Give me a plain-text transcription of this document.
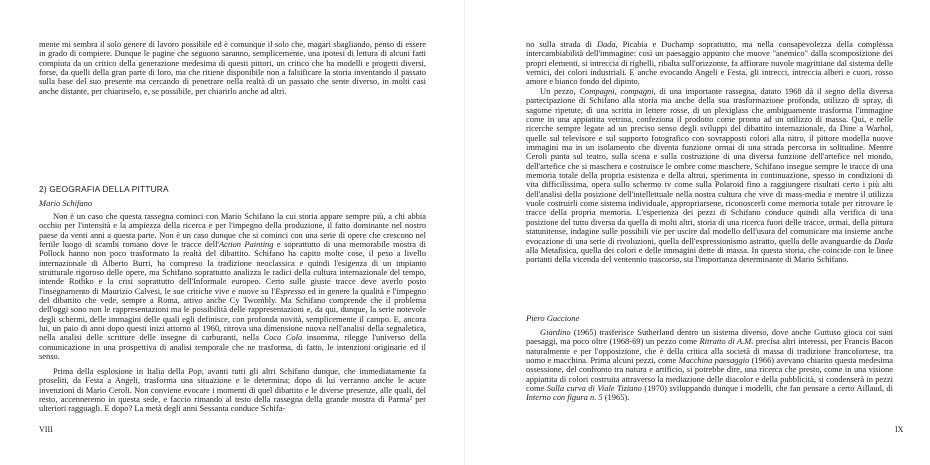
mente mi sembra il solo genere di lavoro possibile ed è comunque il solo che, magari sbagliando, penso di essere in grado di compiere. Dunque le pagine che seguono saranno, semplicemente, una ipotesi di lettura di alcuni fatti compiuta da un critico della generazione medesima di questi pittori, un critico che ha modelli e progetti diversi, forse, da quelli della gran parte di loro, ma che ritiene disponibile non a falsificare la storia inventando il passato sulla base del suo presente ma cercando di penetrare nella realtà di un passato che sente diverso, in molti casi anche distante, per chiarirselo, e, se possibile, per chiarirlo anche ad altri.

2) GEOGRAFIA DELLA PITTURA

Mario Schifano

Non è un caso che questa rassegna cominci con Mario Schifano la cui storia appare sempre più, a chi abbia occhio per l'intensità e la ampiezza della ricerca e per l'impegno della produzione, il fatto dominante nel nostro paese da venti anni a questa parte. Non è un caso dunque che si cominci con una serie di opere che crescono nel fertile luogo di scambi romano dove le tracce dell'Action Painting e soprattutto di una memorabile mostra di Pollock hanno non poco trasformato la realtà del dibattito. Schifano ha capito molte cose, il peso a livello internazionale di Alberto Burri, ha compreso la tradizione neoclassica e quindi l'esigenza di un impianto strutturale rigoroso delle opere, ma Schifano soprattutto analizza le radici della cultura internazionale del tempo, intende Rothko e la crisi soprattutto dell'Informale europeo. Certo sulle giuste tracce deve averlo posto l'insegnamento di Maurizio Calvesi, le sue critiche vive e nuove su l'Espresso ed in genere la qualità e l'impegno del dibattito che vede, sempre a Roma, attivo anche Cy Twombly. Ma Schifano comprende che il problema dell'oggi sono non le rappresentazioni ma le possibilità delle rappresentazioni e, da qui, dunque, la serie notevole degli schermi, delle immagini delle quali egli definisce, con profonda novità, semplicemente il campo. E, ancora lui, un paio di anni dopo questi inizi attorno al 1960, ritrova una dimensione nuova nell'analisi della segnaletica, nella analisi delle scritture delle insegne di carburanti, nella Coca Cola insomma, rilegge l'universo della comunicazione in una prospettiva di analisi temporale che ne trasforma, di fatto, le intenzioni originarie ed il senso.

Prima della esplosione in Italia della Pop, avanti tutti gli altri Schifano dunque, che immediatamente fa proseliti, da Festa a Angeli, trasforma una situazione e le determina; dopo di lui verranno anche le acute invenzioni di Mario Ceroli. Non conviene evocare i momenti di quel dibattito e le diverse presenze, alle quali, del resto, accenneremo in questa sede, e faccio rimando al testo della rassegna della grande mostra di Parma² per ulteriori ragguagli. E dopo? La metà degli anni Sessanta conduce Schifa-

VIII

no sulla strada di Dada, Picabia e Duchamp soprattutto, ma nella consapevolezza della complessa intercambiabilità dell'immagine: così un paesaggio appunto che muove "anemico" dalla scomposizione dei propri elementi, si intreccia di righelli, ribalta sull'orizzonte, fa affiorare nuvole magrittiane dal sistema delle vernici, dei colori industriali. E anche evocando Angeli e Festa, gli intrecci, intreccia alberi e cuori, rosso amore e bianco fondo del dipinto.

Un pezzo, Compagni, compagni, di una importante rassegna, datato 1968 dà il segno della diversa partecipazione di Schifano alla storia ma anche della sua trasformazione profonda, utilizzo di spray, di sagome ripetute, di una scritta in lettere rosse, di un plexiglass che ambiguamente trasforma l'immagine come in una appiattita vetrina, confeziona il prodotto come pronto ad un utilizzo di massa. Qui, e nelle ricerche sempre legate ad un preciso senso degli sviluppi del dibattito internazionale, da Dine a Warhol, quelle sul televisore e sul supporto fotografico con sovrapposti colori alla nitro, il pittore modella nuove immagini ma in un isolamento che diventa funzione ormai di una strada percorsa in solitudine. Mentre Ceroli punta sul teatro, sulla scena e sulla costruzione di una diversa funzione dell'artefice nel mondo, dell'artefice che si maschera e costruisce le ombre come maschere, Schifano insegue sempre le tracce di una memoria totale della propria esistenza e della altrui, sperimenta in continuazione, spesso in condizioni di vita difficilissima, opera sullo schermo tv come sulla Polaroid fino a raggiungere risultati certo i più alti dell'analisi della posizione dell'intellettuale nella nostra cultura che vive di mass-media e mentre il utilizza vuole costruirli come sistema individuale, appropriarsene, riconoscerli come memoria totale per ritrovare le tracce della propria memoria. L'esperienza dei pezzi di Schifano conduce quindi alla verifica di una posizione del tutto diversa da quella di molti altri, storia di una ricerca fuori delle tracce, ormai, della pittura statunitense, indagine sulle possibili vie per uscire dal modello dell'usura del comunicare ma insieme anche evocazione di una serie di rivoluzioni, quella dell'espressionismo astratto, quella delle avanguardie da Dada alla Metafisica, quella dei colori e delle immagini dette di massa. In questa storia, che coincide con le linee portanti della vicenda del ventennio trascorso, sta l'importanza determinante di Mario Schifano.

Piero Guccione

Giardino (1965) trasferisce Sutherland dentro un sistema diverso, dove anche Guttuso gioca coi suoi paesaggi, ma poco oltre (1968-69) un pezzo come Ritratto di A.M. precisa altri interessi, per Francis Bacon naturalmente e per l'opposizione, che è della critica alla società di massa di tradizione francofortese, tra uomo e macchina. Prima alcuni pezzi, come Macchina paesaggio (1966) avevano chiarito questa medesima ossessione, del confronto tra natura e artificio, si potrebbe dire, una ricerca che presto, come in una visione appiattita di colori costruita attraverso la mediazione delle diacolor e della pubblicità, si condenserà in pezzi come Sulla curva di Viale Tiziano (1970) sviluppando dunque i modelli, che fan pensare a certo Aillaud, di Interno con figura n. 5 (1965).

IX
